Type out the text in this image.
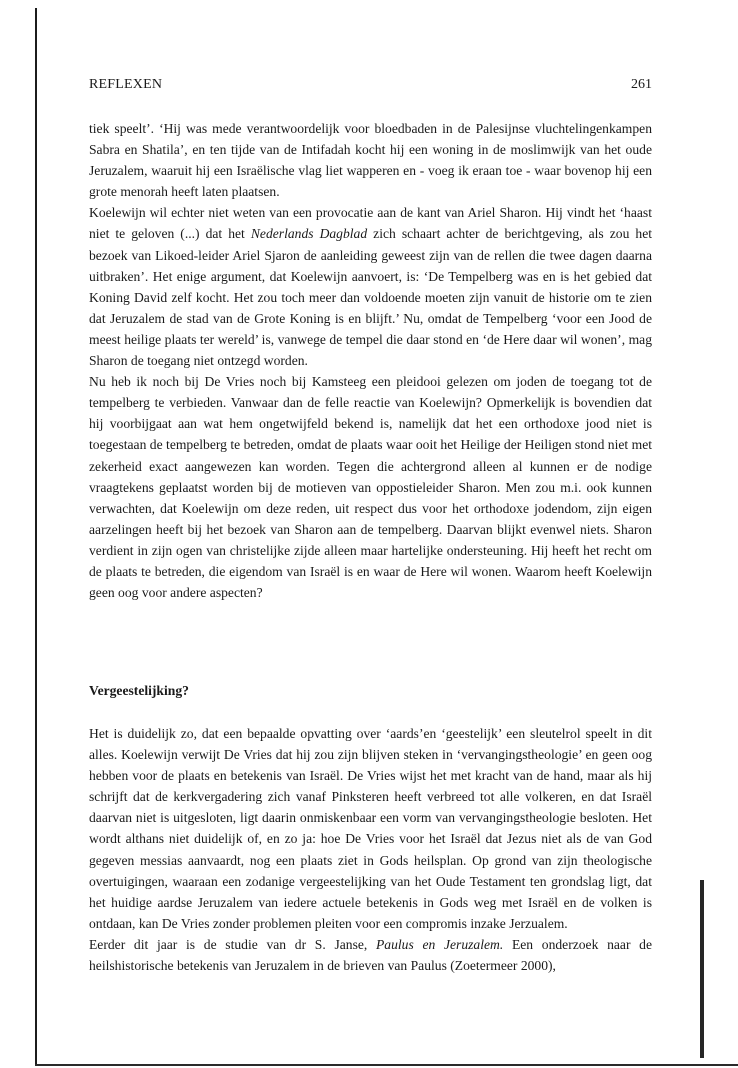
REFLEXEN	261

tiek speelt’. ‘Hij was mede verantwoordelijk voor bloedbaden in de Palesijnse vluchtelingenkampen Sabra en Shatila’, en ten tijde van de Intifadah kocht hij een woning in de moslimwijk van het oude Jeruzalem, waaruit hij een Israëlische vlag liet wapperen en - voeg ik eraan toe - waar bovenop hij een grote menorah heeft laten plaatsen.

Koelewijn wil echter niet weten van een provocatie aan de kant van Ariel Sharon. Hij vindt het ‘haast niet te geloven (...) dat het Nederlands Dagblad zich schaart achter de berichtgeving, als zou het bezoek van Likoed-leider Ariel Sjaron de aanleiding geweest zijn van de rellen die twee dagen daarna uitbraken’. Het enige argument, dat Koelewijn aanvoert, is: ‘De Tempelberg was en is het gebied dat Koning David zelf kocht. Het zou toch meer dan voldoende moeten zijn vanuit de historie om te zien dat Jeruzalem de stad van de Grote Koning is en blijft.’ Nu, omdat de Tempelberg ‘voor een Jood de meest heilige plaats ter wereld’ is, vanwege de tempel die daar stond en ‘de Here daar wil wonen’, mag Sharon de toegang niet ontzegd worden.

Nu heb ik noch bij De Vries noch bij Kamsteeg een pleidooi gelezen om joden de toegang tot de tempelberg te verbieden. Vanwaar dan de felle reactie van Koelewijn? Opmerkelijk is bovendien dat hij voorbijgaat aan wat hem ongetwijfeld bekend is, namelijk dat het een orthodoxe jood niet is toegestaan de tempelberg te betreden, omdat de plaats waar ooit het Heilige der Heiligen stond niet met zekerheid exact aangewezen kan worden. Tegen die achtergrond alleen al kunnen er de nodige vraagtekens geplaatst worden bij de motieven van oppostieleider Sharon. Men zou m.i. ook kunnen verwachten, dat Koelewijn om deze reden, uit respect dus voor het orthodoxe jodendom, zijn eigen aarzelingen heeft bij het bezoek van Sharon aan de tempelberg. Daarvan blijkt evenwel niets. Sharon verdient in zijn ogen van christelijke zijde alleen maar hartelijke ondersteuning. Hij heeft het recht om de plaats te betreden, die eigendom van Israël is en waar de Here wil wonen. Waarom heeft Koelewijn geen oog voor andere aspecten?

Vergeestelijking?

Het is duidelijk zo, dat een bepaalde opvatting over ‘aards’en ‘geestelijk’ een sleutelrol speelt in dit alles. Koelewijn verwijt De Vries dat hij zou zijn blijven steken in ‘vervangingstheologie’ en geen oog hebben voor de plaats en betekenis van Israël. De Vries wijst het met kracht van de hand, maar als hij schrijft dat de kerkvergadering zich vanaf Pinksteren heeft verbreed tot alle volkeren, en dat Israël daarvan niet is uitgesloten, ligt daarin onmiskenbaar een vorm van vervangingstheologie besloten. Het wordt althans niet duidelijk of, en zo ja: hoe De Vries voor het Israël dat Jezus niet als de van God gegeven messias aanvaardt, nog een plaats ziet in Gods heilsplan. Op grond van zijn theologische overtuigingen, waaraan een zodanige vergeestelijking van het Oude Testament ten grondslag ligt, dat het huidige aardse Jeruzalem van iedere actuele betekenis in Gods weg met Israël en de volken is ontdaan, kan De Vries zonder problemen pleiten voor een compromis inzake Jerzualem.

Eerder dit jaar is de studie van dr S. Janse, Paulus en Jeruzalem. Een onderzoek naar de heilshistorische betekenis van Jeruzalem in de brieven van Paulus (Zoetermeer 2000),
